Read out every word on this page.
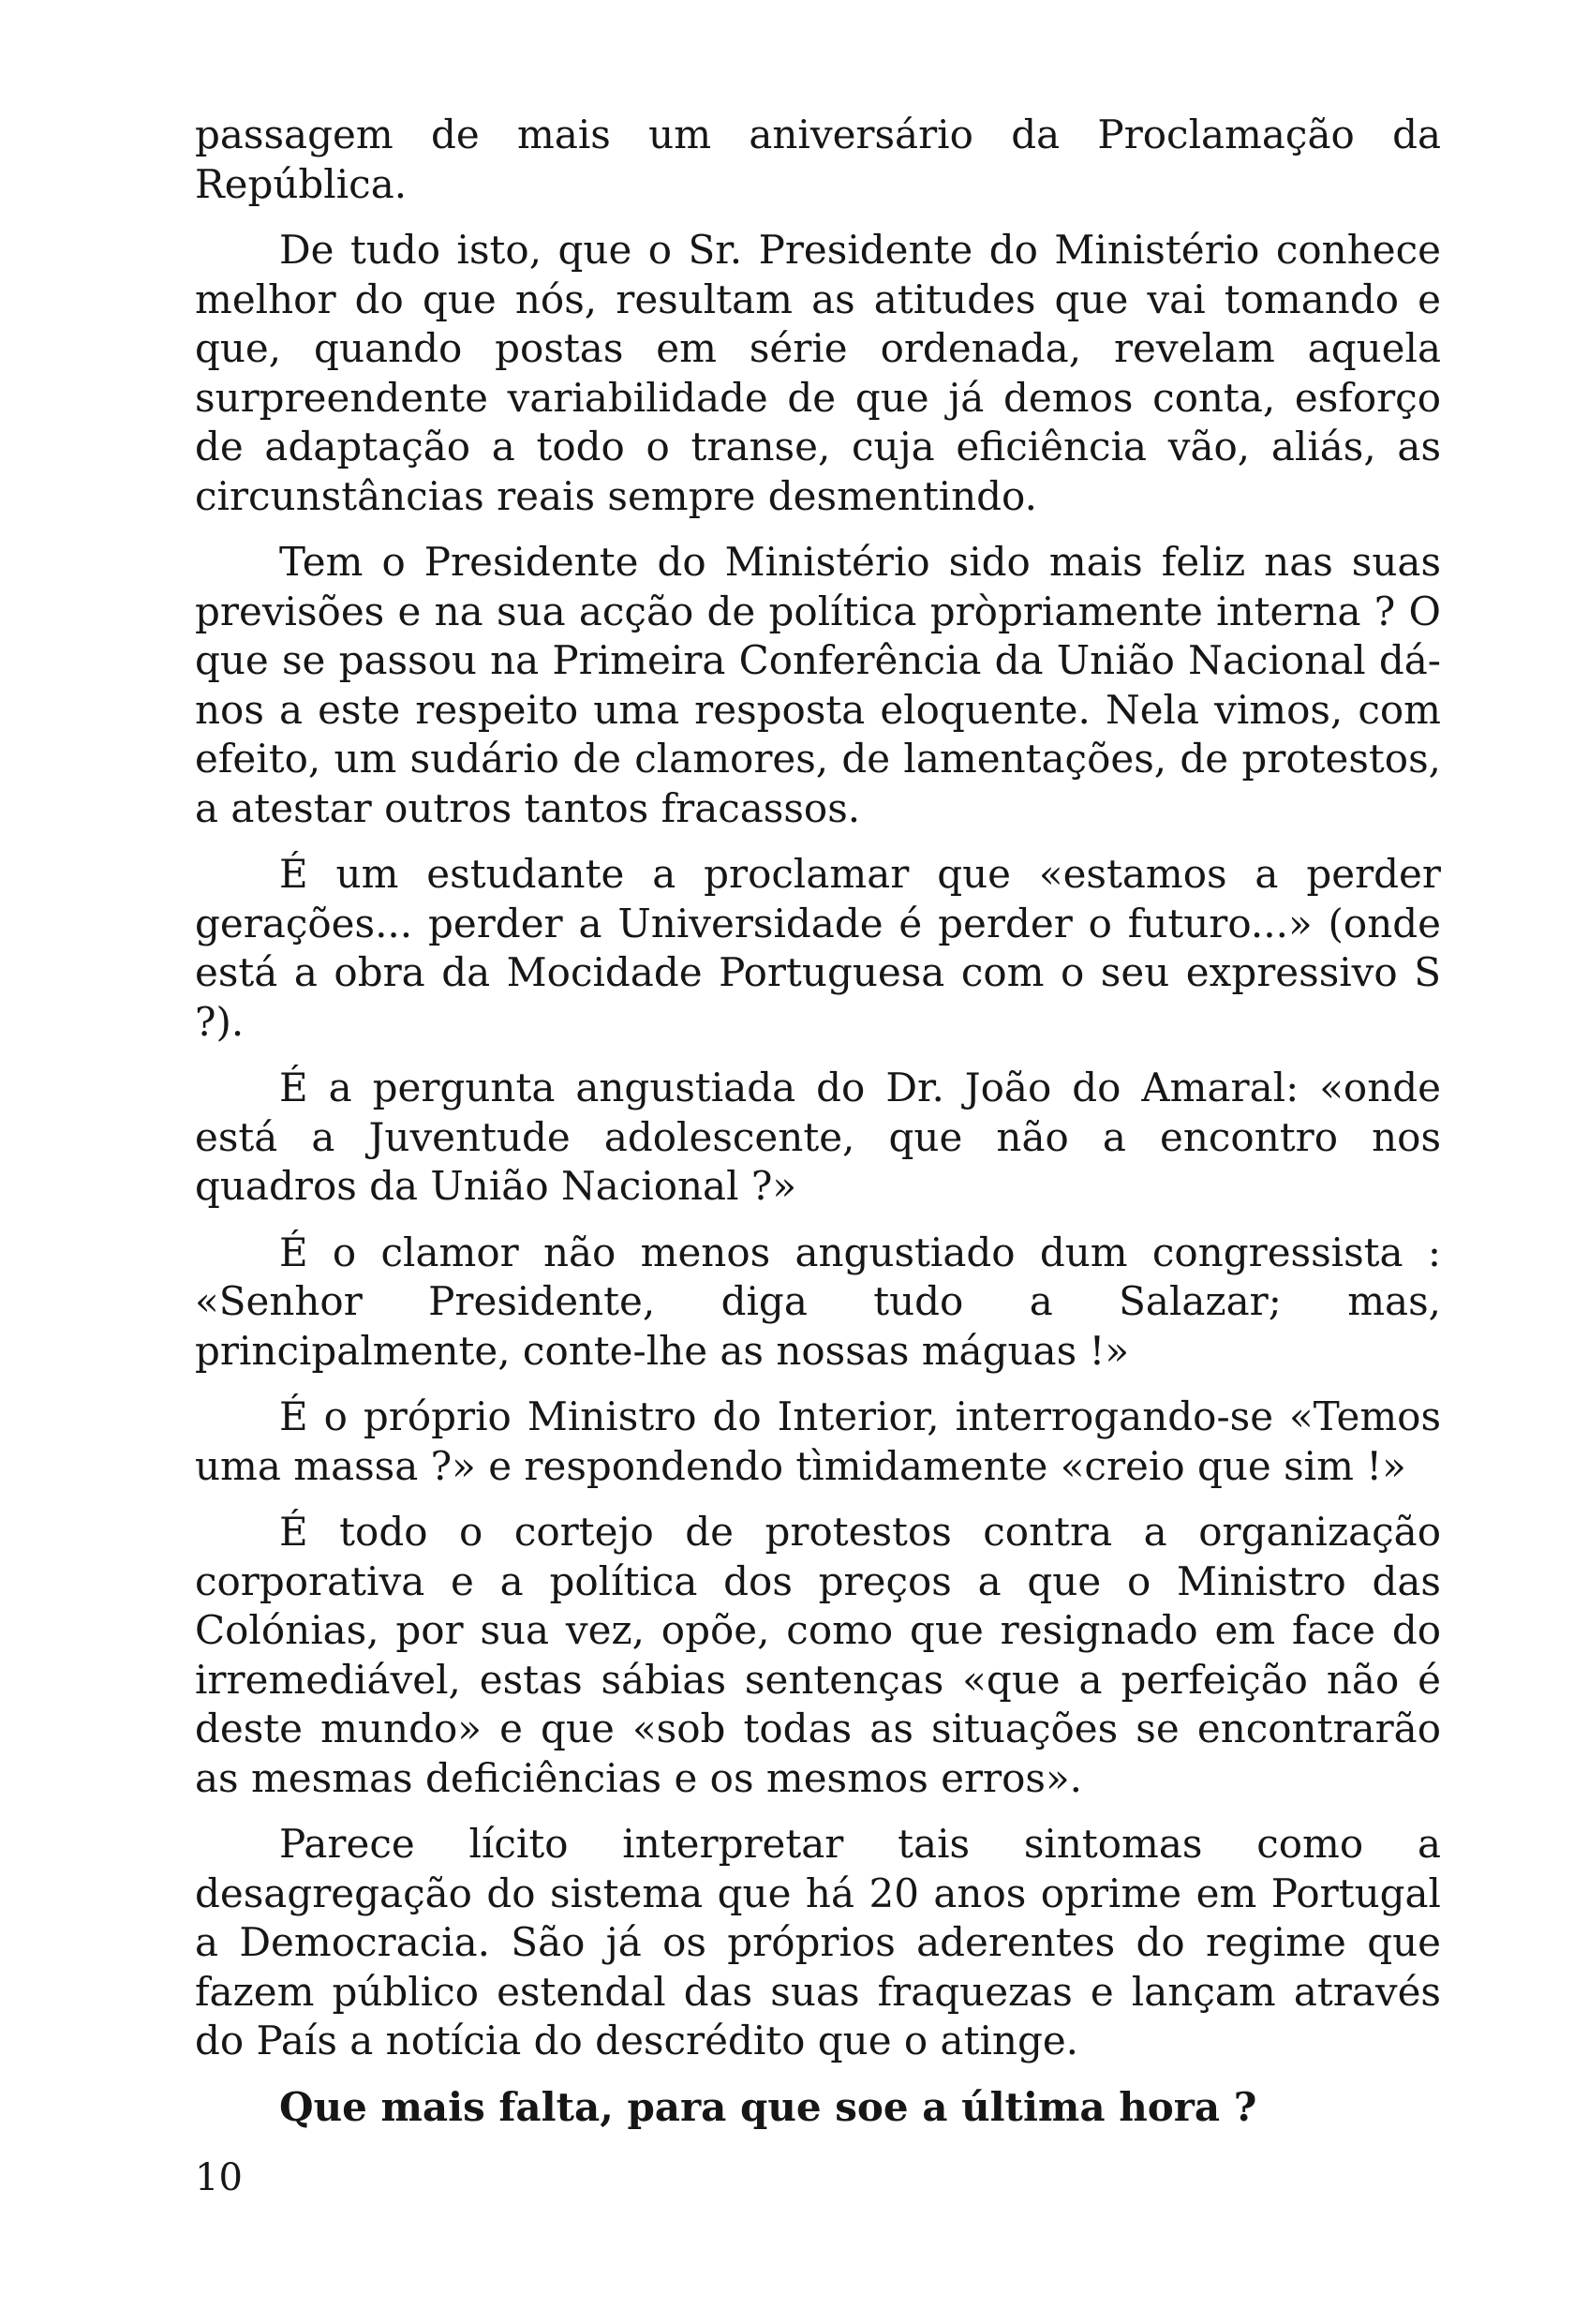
passagem de mais um aniversário da Proclamação da República.

De tudo isto, que o Sr. Presidente do Ministério conhece melhor do que nós, resultam as atitudes que vai tomando e que, quando postas em série ordenada, revelam aquela surpreendente variabilidade de que já demos conta, esforço de adaptação a todo o transe, cuja eficiência vão, aliás, as circunstâncias reais sempre desmentindo.

Tem o Presidente do Ministério sido mais feliz nas suas previsões e na sua acção de política pròpriamente interna ? O que se passou na Primeira Conferência da União Nacional dá-nos a este respeito uma resposta eloquente. Nela vimos, com efeito, um sudário de clamores, de lamentações, de protestos, a atestar outros tantos fracassos.

É um estudante a proclamar que «estamos a perder gerações... perder a Universidade é perder o futuro...» (onde está a obra da Mocidade Portuguesa com o seu expressivo S ?).

É a pergunta angustiada do Dr. João do Amaral: «onde está a Juventude adolescente, que não a encontro nos quadros da União Nacional ?»

É o clamor não menos angustiado dum congressista : «Senhor Presidente, diga tudo a Salazar; mas, principalmente, conte-lhe as nossas máguas !»

É o próprio Ministro do Interior, interrogando-se «Temos uma massa ?» e respondendo tìmidamente «creio que sim !»

É todo o cortejo de protestos contra a organização corporativa e a política dos preços a que o Ministro das Colónias, por sua vez, opõe, como que resignado em face do irremediável, estas sábias sentenças «que a perfeição não é deste mundo» e que «sob todas as situações se encontrarão as mesmas deficiências e os mesmos erros».

Parece lícito interpretar tais sintomas como a desagregação do sistema que há 20 anos oprime em Portugal a Democracia. São já os próprios aderentes do regime que fazem público estendal das suas fraquezas e lançam através do País a notícia do descrédito que o atinge.

Que mais falta, para que soe a última hora ?

10
